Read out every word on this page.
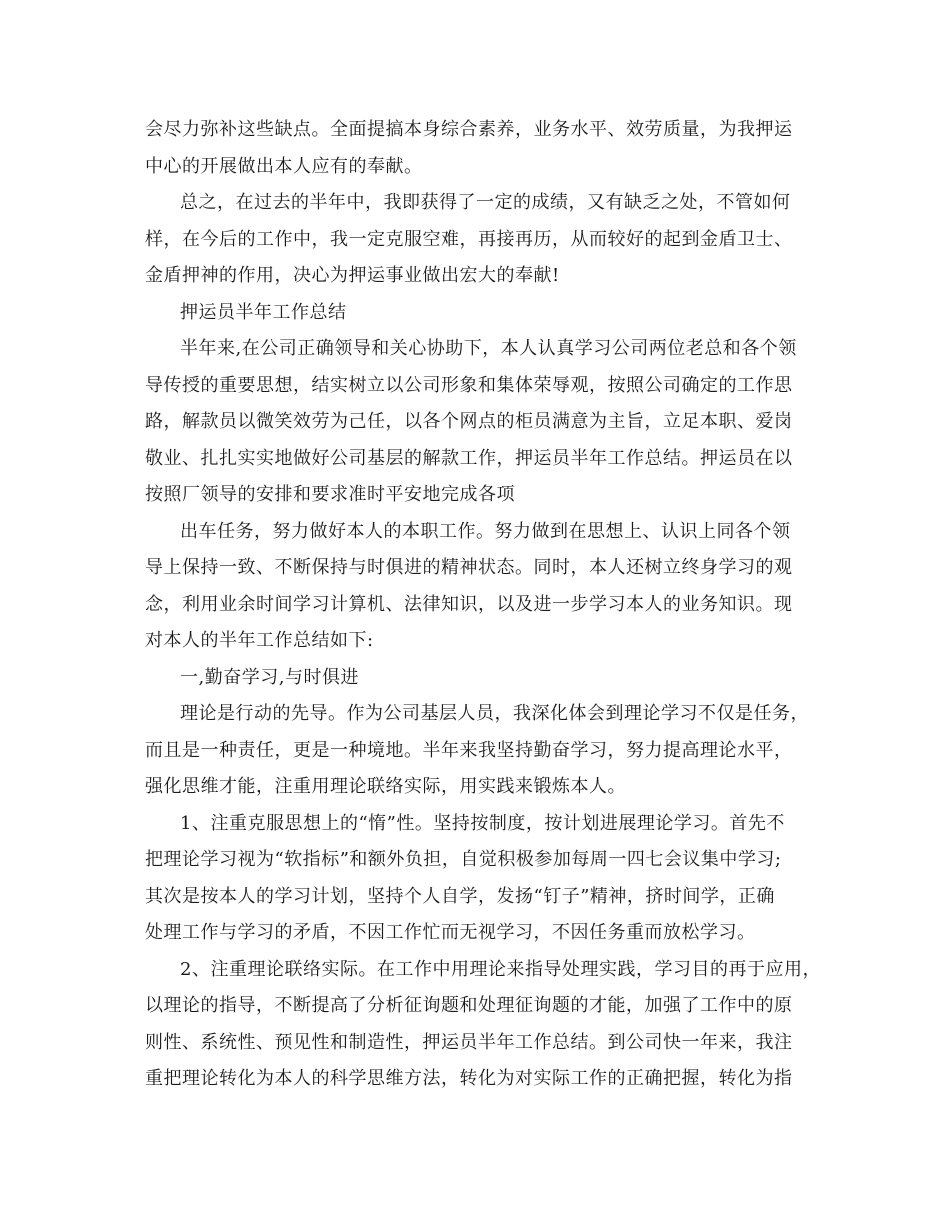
会尽力弥补这些缺点。全面提搞本身综合素养，业务水平、效劳质量，为我押运
中心的开展做出本人应有的奉献。
总之，在过去的半年中，我即获得了一定的成绩，又有缺乏之处，不管如何
样，在今后的工作中，我一定克服空难，再接再历，从而较好的起到金盾卫士、
金盾押神的作用，决心为押运事业做出宏大的奉献!
押运员半年工作总结
半年来,在公司正确领导和关心协助下，本人认真学习公司两位老总和各个领
导传授的重要思想，结实树立以公司形象和集体荣辱观，按照公司确定的工作思
路，解款员以微笑效劳为己任，以各个网点的柜员满意为主旨，立足本职、爱岗
敬业、扎扎实实地做好公司基层的解款工作，押运员半年工作总结。押运员在以
按照厂领导的安排和要求准时平安地完成各项
出车任务，努力做好本人的本职工作。努力做到在思想上、认识上同各个领
导上保持一致、不断保持与时俱进的精神状态。同时，本人还树立终身学习的观
念，利用业余时间学习计算机、法律知识，以及进一步学习本人的业务知识。现
对本人的半年工作总结如下:
一,勤奋学习,与时俱进
理论是行动的先导。作为公司基层人员，我深化体会到理论学习不仅是任务，
而且是一种责任，更是一种境地。半年来我坚持勤奋学习，努力提高理论水平，
强化思维才能，注重用理论联络实际，用实践来锻炼本人。
1、注重克服思想上的“惰”性。坚持按制度，按计划进展理论学习。首先不
把理论学习视为“软指标”和额外负担，自觉积极参加每周一四七会议集中学习;
其次是按本人的学习计划，坚持个人自学，发扬“钉子”精神，挤时间学，正确
处理工作与学习的矛盾，不因工作忙而无视学习，不因任务重而放松学习。
2、注重理论联络实际。在工作中用理论来指导处理实践，学习目的再于应用，
以理论的指导，不断提高了分析征询题和处理征询题的才能，加强了工作中的原
则性、系统性、预见性和制造性，押运员半年工作总结。到公司快一年来，我注
重把理论转化为本人的科学思维方法，转化为对实际工作的正确把握，转化为指
